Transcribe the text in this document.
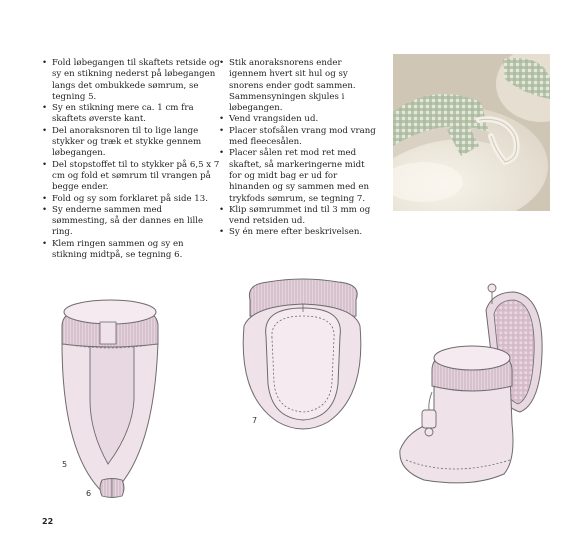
• Fold løbegangen til skaftets retside og sy en stikning nederst på løbegangen langs det ombukkede sømrum, se tegning 5.
• Sy en stikning mere ca. 1 cm fra skaftets øverste kant.
• Del anoraksnoren til to lige lange stykker og træk et stykke gennem løbegangen.
• Del stopstoffet til to stykker på 6,5 x 7 cm og fold et sømrum til vrangen på begge ender.
• Fold og sy som forklaret på side 13.
• Sy enderne sammen med sømmesting, så der dannes en lille ring.
• Klem ringen sammen og sy en stikning midtpå, se tegning 6.
• Stik anoraksnorens ender igennem hvert sit hul og sy snorens ender godt sammen. Sammensyningen skjules i løbegangen.
• Vend vrangsiden ud.
• Placer stofsålen vrang mod vrang med fleecesålen.
• Placer sålen ret mod ret med skaftet, så markeringerne midt for og midt bag er ud for hinanden og sy sammen med en trykfods sømrum, se tegning 7.
• Klip sømrummet ind til 3 mm og vend retsiden ud.
• Sy én mere efter beskrivelsen.
5
6
7
22
